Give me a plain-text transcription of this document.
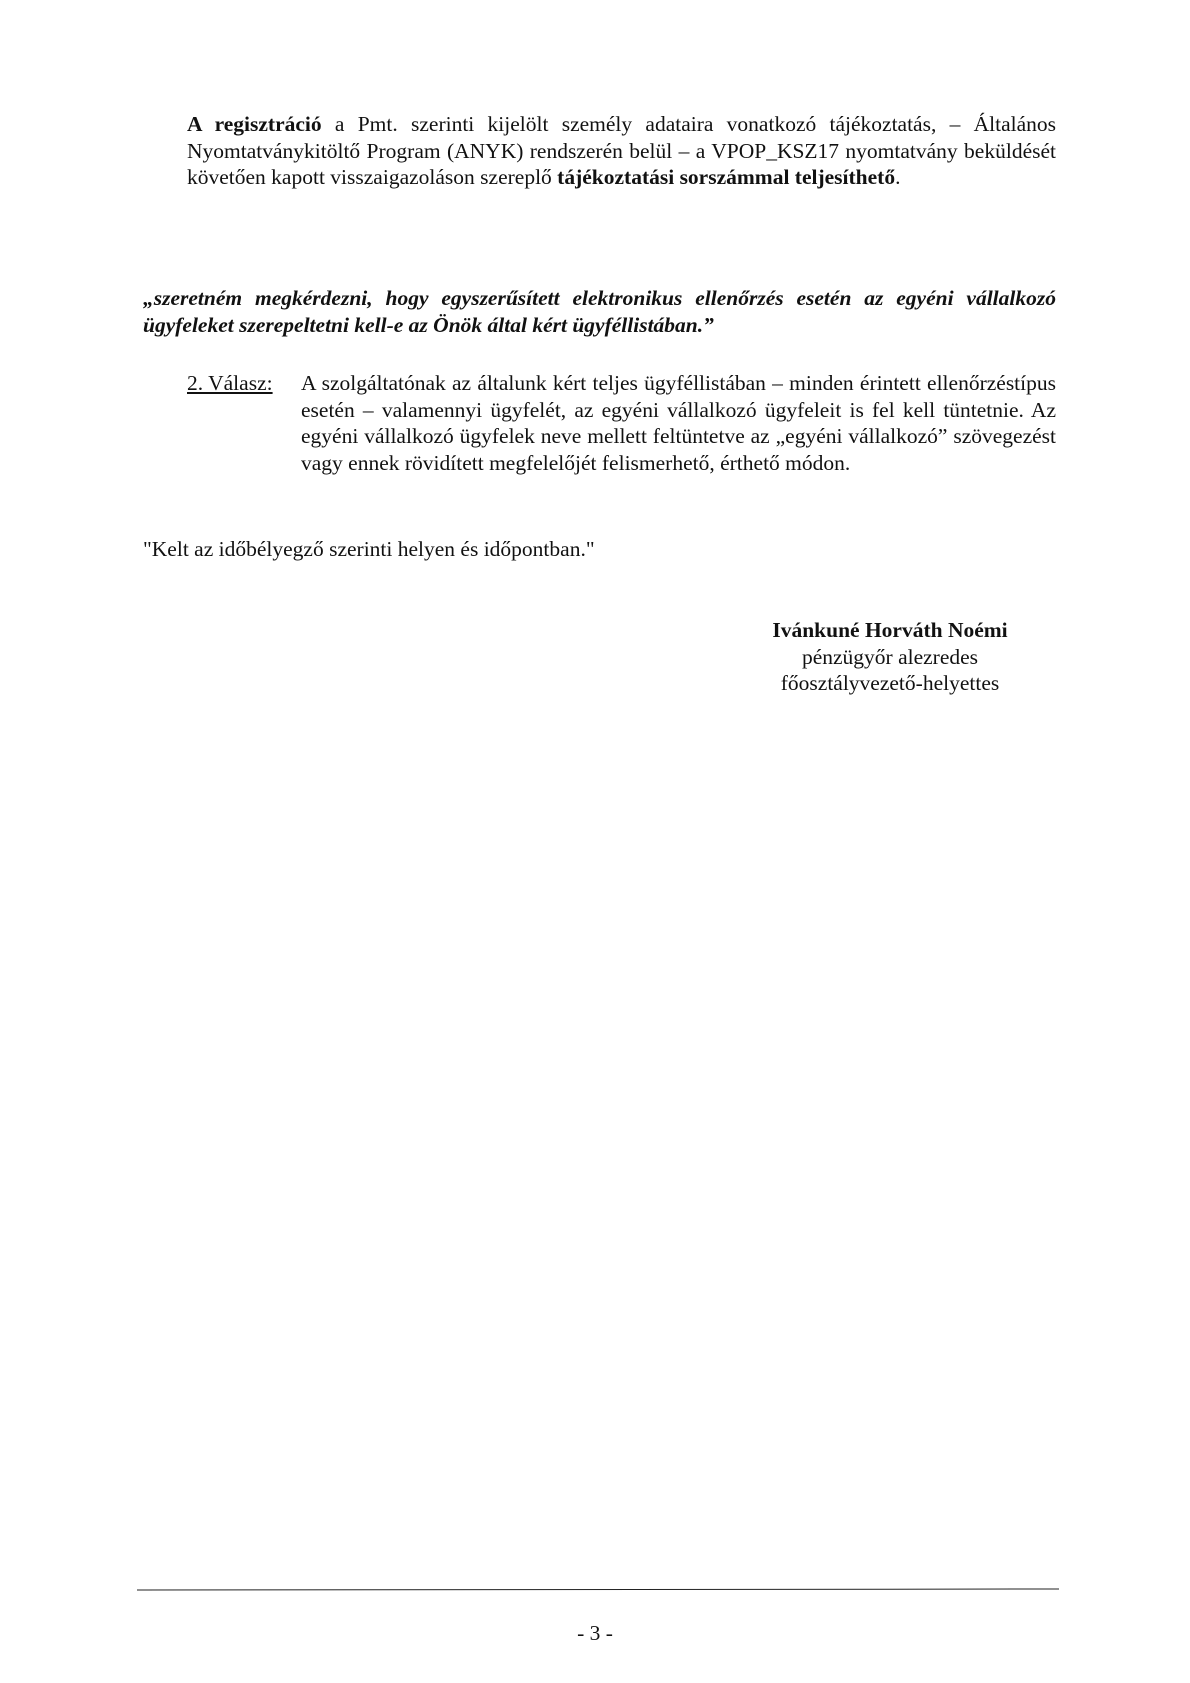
A regisztráció a Pmt. szerinti kijelölt személy adataira vonatkozó tájékoztatás, – Általános Nyomtatványkitöltő Program (ANYK) rendszerén belül – a VPOP_KSZ17 nyomtatvány beküldését követően kapott visszaigazoláson szereplő tájékoztatási sorszámmal teljesíthető.
„szeretném megkérdezni, hogy egyszerűsített elektronikus ellenőrzés esetén az egyéni vállalkozó ügyfeleket szerepeltetni kell-e az Önök által kért ügyféllistában.”
2. Válasz: A szolgáltatónak az általunk kért teljes ügyféllistában – minden érintett ellenőrzéstípus esetén – valamennyi ügyfelét, az egyéni vállalkozó ügyfeleit is fel kell tüntetnie. Az egyéni vállalkozó ügyfelek neve mellett feltüntetve az „egyéni vállalkozó” szövegezést vagy ennek rövidített megfelelőjét felismerhető, érthető módon.
"Kelt az időbélyegző szerinti helyen és időpontban."
Ivánkuné Horváth Noémi
pénzügyőr alezredes
főosztályvezető-helyettes
- 3 -
